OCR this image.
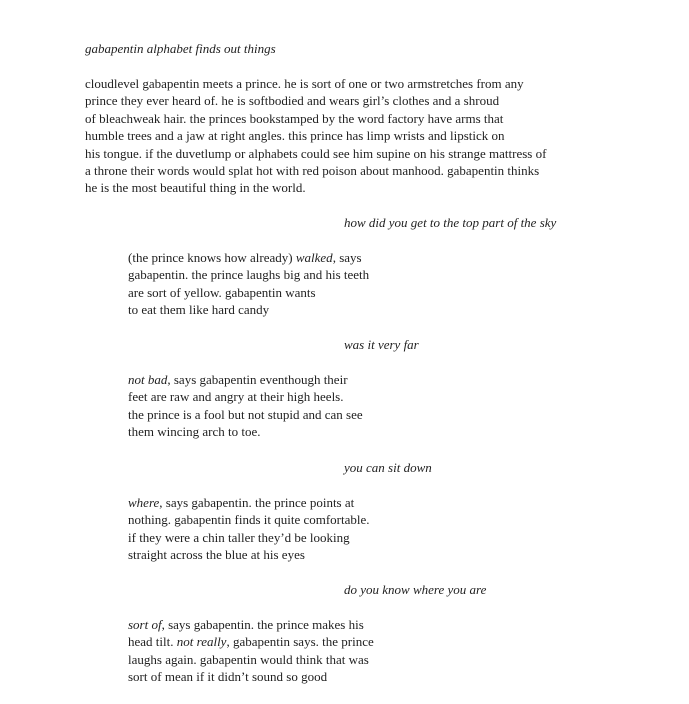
gabapentin alphabet finds out things
cloudlevel gabapentin meets a prince. he is sort of one or two armstretches from any
prince they ever heard of. he is softbodied and wears girl’s clothes and a shroud
of bleachweak hair. the princes bookstamped by the word factory have arms that
humble trees and a jaw at right angles. this prince has limp wrists and lipstick on
his tongue. if the duvetlump or alphabets could see him supine on his strange mattress of
a throne their words would splat hot with red poison about manhood. gabapentin thinks
he is the most beautiful thing in the world.
how did you get to the top part of the sky
(the prince knows how already) walked, says
gabapentin. the prince laughs big and his teeth
are sort of yellow. gabapentin wants
to eat them like hard candy
was it very far
not bad, says gabapentin eventhough their
feet are raw and angry at their high heels.
the prince is a fool but not stupid and can see
them wincing arch to toe.
you can sit down
where, says gabapentin. the prince points at
nothing. gabapentin finds it quite comfortable.
if they were a chin taller they’d be looking
straight across the blue at his eyes
do you know where you are
sort of, says gabapentin. the prince makes his
head tilt. not really, gabapentin says. the prince
laughs again. gabapentin would think that was
sort of mean if it didn’t sound so good
